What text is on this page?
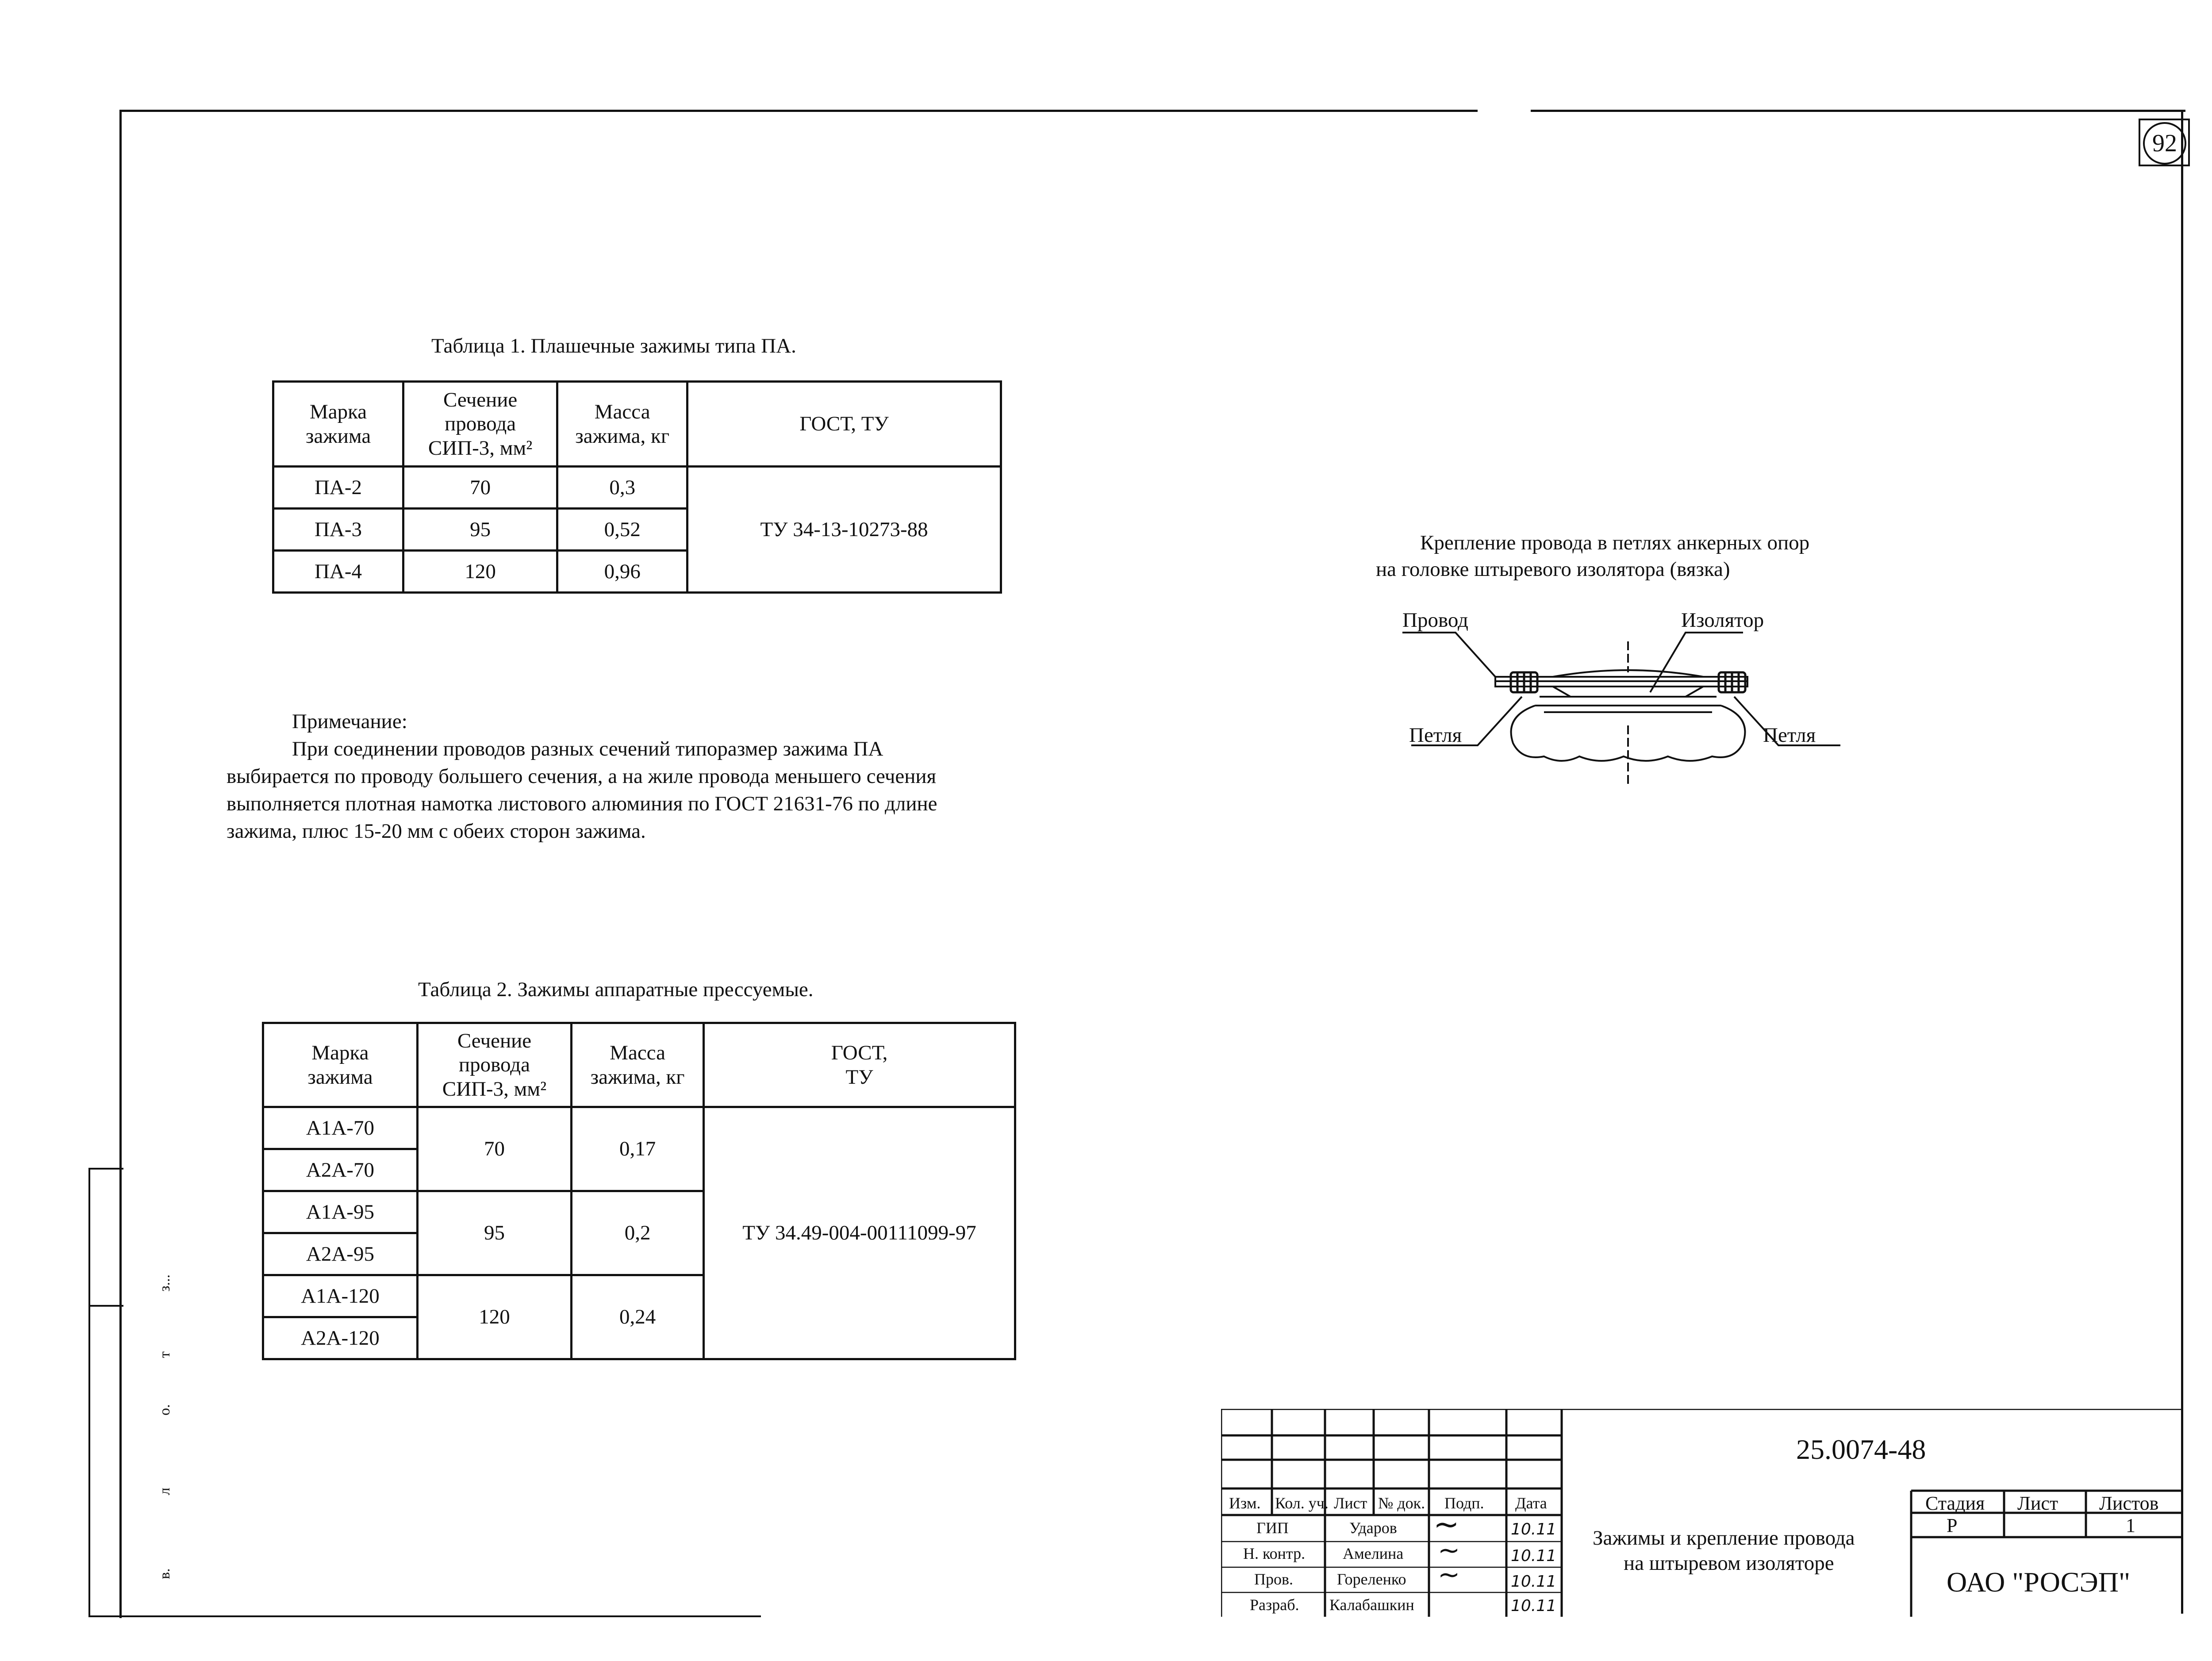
в.
л
о.
т
з...
92
Таблица 1. Плашечные зажимы типа ПА.
Марка зажима	Сечение провода СИП-3, мм²	Масса зажима, кг	ГОСТ, ТУ
ПА-2	70	0,3	ТУ 34-13-10273-88
ПА-3	95	0,52	
ПА-4	120	0,96	
Примечание:
При соединении проводов разных сечений типоразмер зажима ПА
выбирается по проводу большего сечения, а на жиле провода меньшего сечения
выполняется плотная намотка листового алюминия по ГОСТ 21631-76 по длине
зажима, плюс 15-20 мм с обеих сторон зажима.
Таблица 2. Зажимы аппаратные прессуемые.
Марка зажима	Сечение провода СИП-3, мм²	Масса зажима, кг	ГОСТ, ТУ
А1А-70	70	0,17	ТУ 34.49-004-00111099-97
А2А-70			
А1А-95	95	0,2	
А2А-95			
А1А-120	120	0,24	
А2А-120			
Крепление провода в петлях анкерных опор
на головке штыревого изолятора (вязка)
Провод	Изолятор
Петля	Петля
Изм. Кол. уч. Лист № док. Подп. Дата
ГИП	Ударов ~	10.11
Н. контр. Амелина ~	10.11
Пров.	Гореленко ~	10.11
Разраб. Калабашкин	10.11
25.0074-48
Зажимы и крепление провода
на штыревом изоляторе
Стадия Лист Листов
Р	1
ОАО "РОСЭП"
